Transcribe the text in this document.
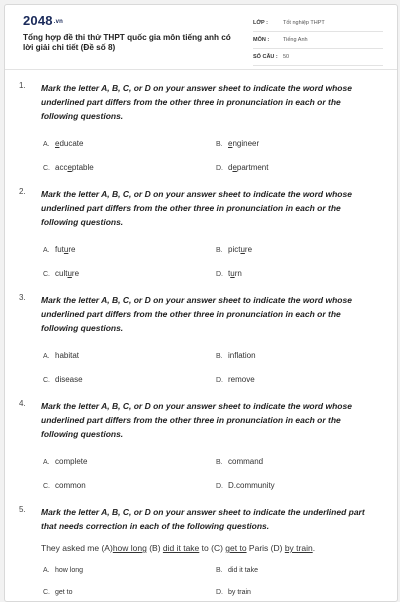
2048.vn
Tổng hợp đề thi thử THPT quốc gia môn tiếng anh có lời giải chi tiết (Đề số 8)
LỚP :	Tốt nghiệp THPT
MÔN :	Tiếng Anh
SỐ CÂU : 50
1. Mark the letter A, B, C, or D on your answer sheet to indicate the word whose underlined part differs from the other three in pronunciation in each or the following questions.
A. educate	B. engineer
C. acceptable	D. department
2. Mark the letter A, B, C, or D on your answer sheet to indicate the word whose underlined part differs from the other three in pronunciation in each or the following questions.
A. future	B. picture
C. culture	D. turn
3. Mark the letter A, B, C, or D on your answer sheet to indicate the word whose underlined part differs from the other three in pronunciation in each or the following questions.
A. habitat	B. inflation
C. disease	D. remove
4. Mark the letter A, B, C, or D on your answer sheet to indicate the word whose underlined part differs from the other three in pronunciation in each or the following questions.
A. complete	B. command
C. common	D. D.community
5. Mark the letter A, B, C, or D on your answer sheet to indicate the underlined part that needs correction in each of the following questions.
They asked me (A)how long (B) did it take to (C) get to Paris (D) by train.
A. how long	B. did it take
C. get to	D. by train
